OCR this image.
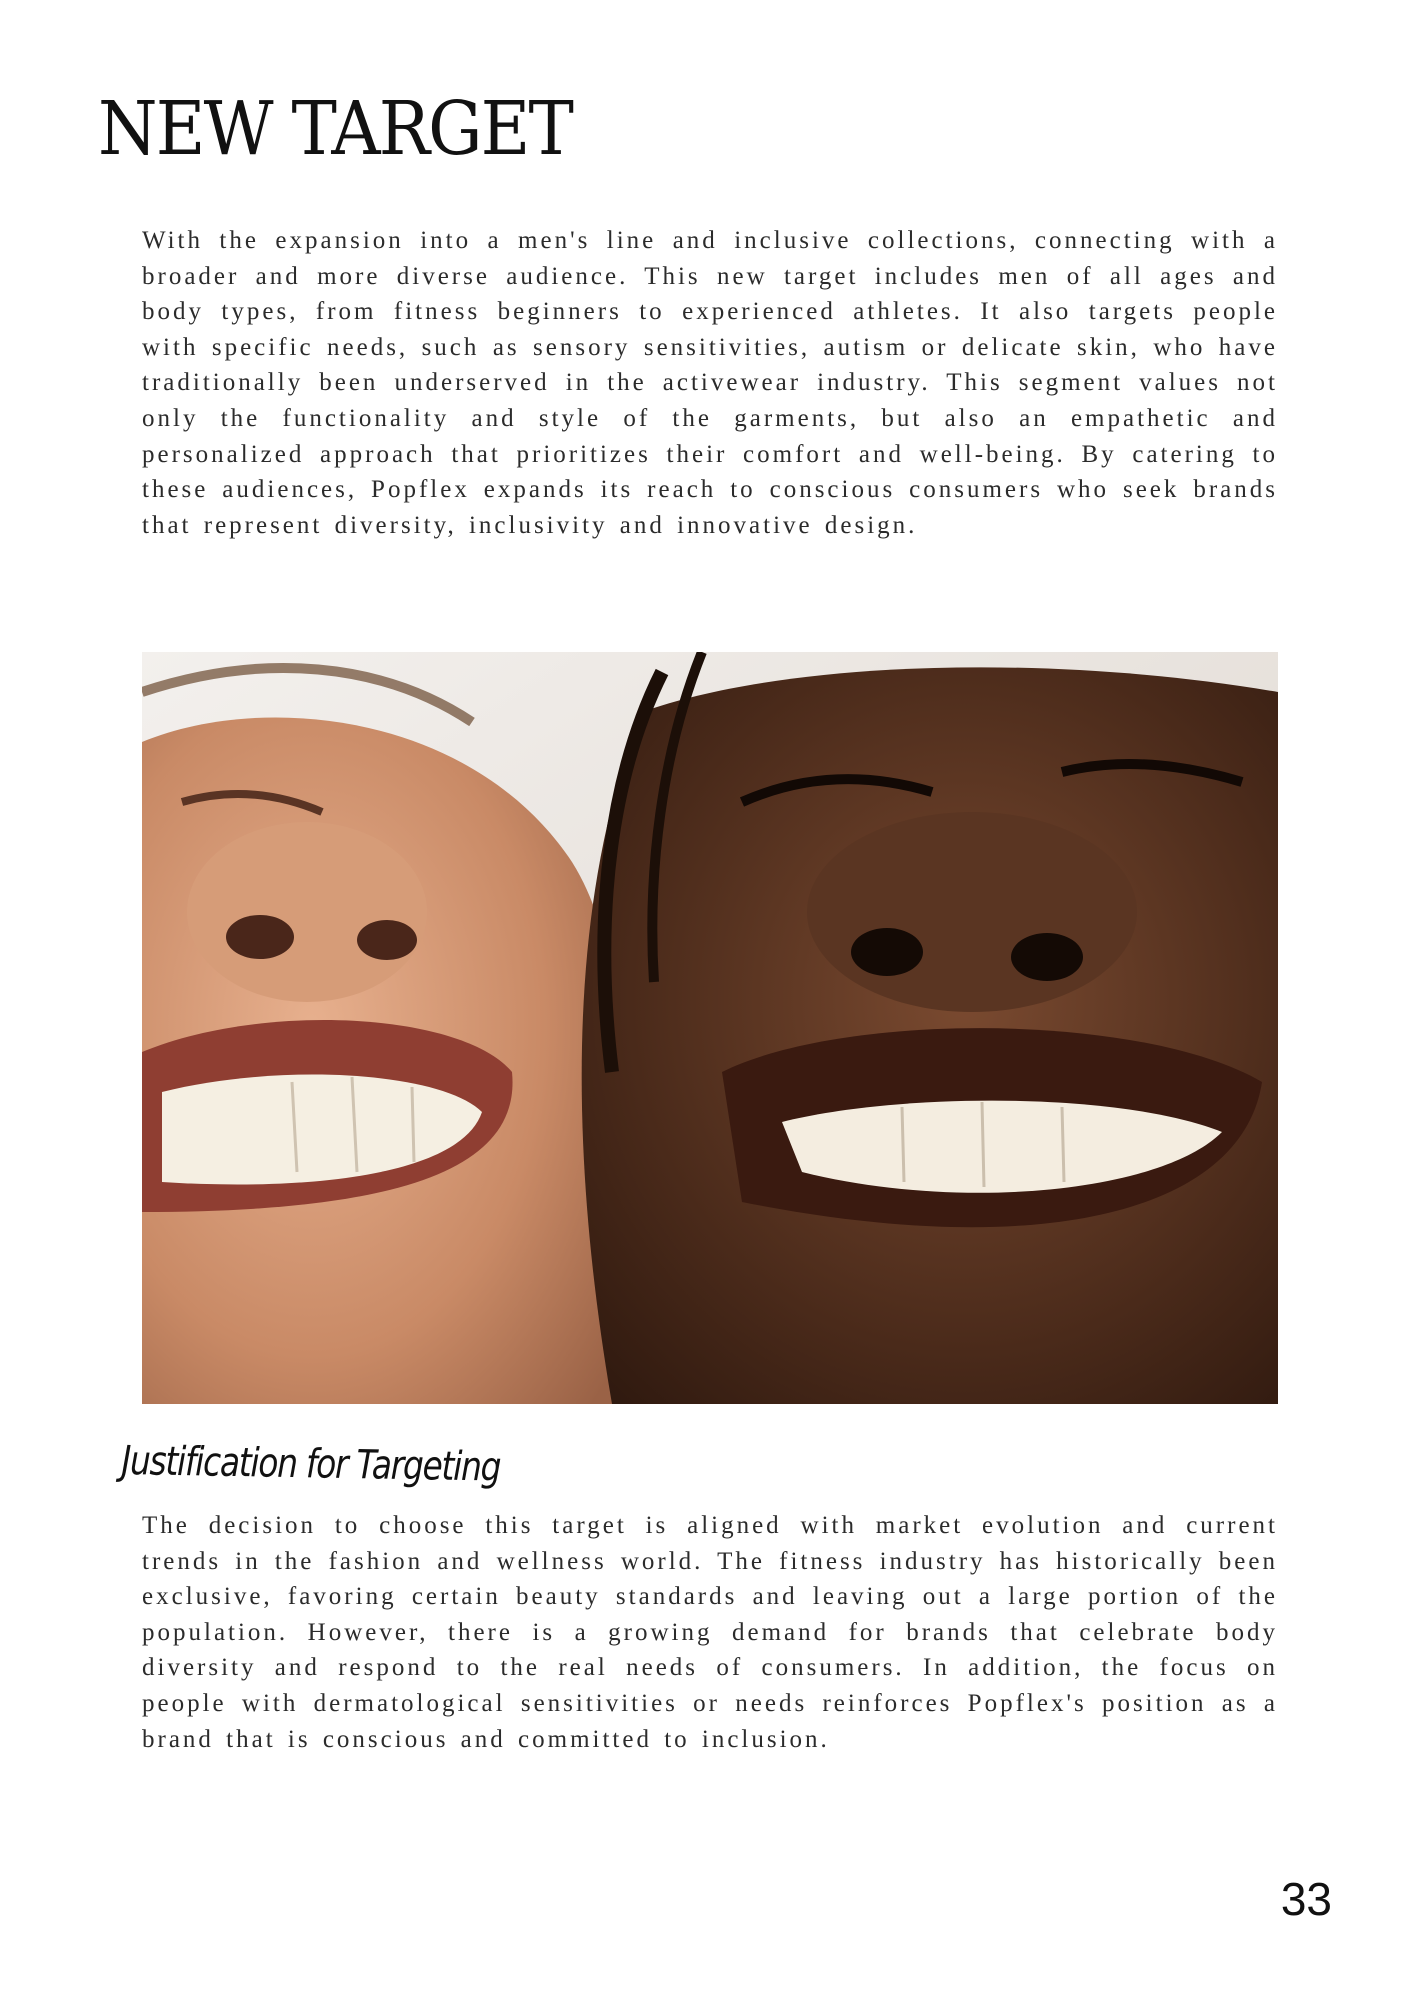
NEW TARGET

With the expansion into a men's line and inclusive collections, connecting with a broader and more diverse audience. This new target includes men of all ages and body types, from fitness beginners to experienced athletes. It also targets people with specific needs, such as sensory sensitivities, autism or delicate skin, who have traditionally been underserved in the activewear industry. This segment values not only the functionality and style of the garments, but also an empathetic and personalized approach that prioritizes their comfort and well-being. By catering to these audiences, Popflex expands its reach to conscious consumers who seek brands that represent diversity, inclusivity and innovative design.

Justification for Targeting

The decision to choose this target is aligned with market evolution and current trends in the fashion and wellness world. The fitness industry has historically been exclusive, favoring certain beauty standards and leaving out a large portion of the population. However, there is a growing demand for brands that celebrate body diversity and respond to the real needs of consumers. In addition, the focus on people with dermatological sensitivities or needs reinforces Popflex's position as a brand that is conscious and committed to inclusion.

33
